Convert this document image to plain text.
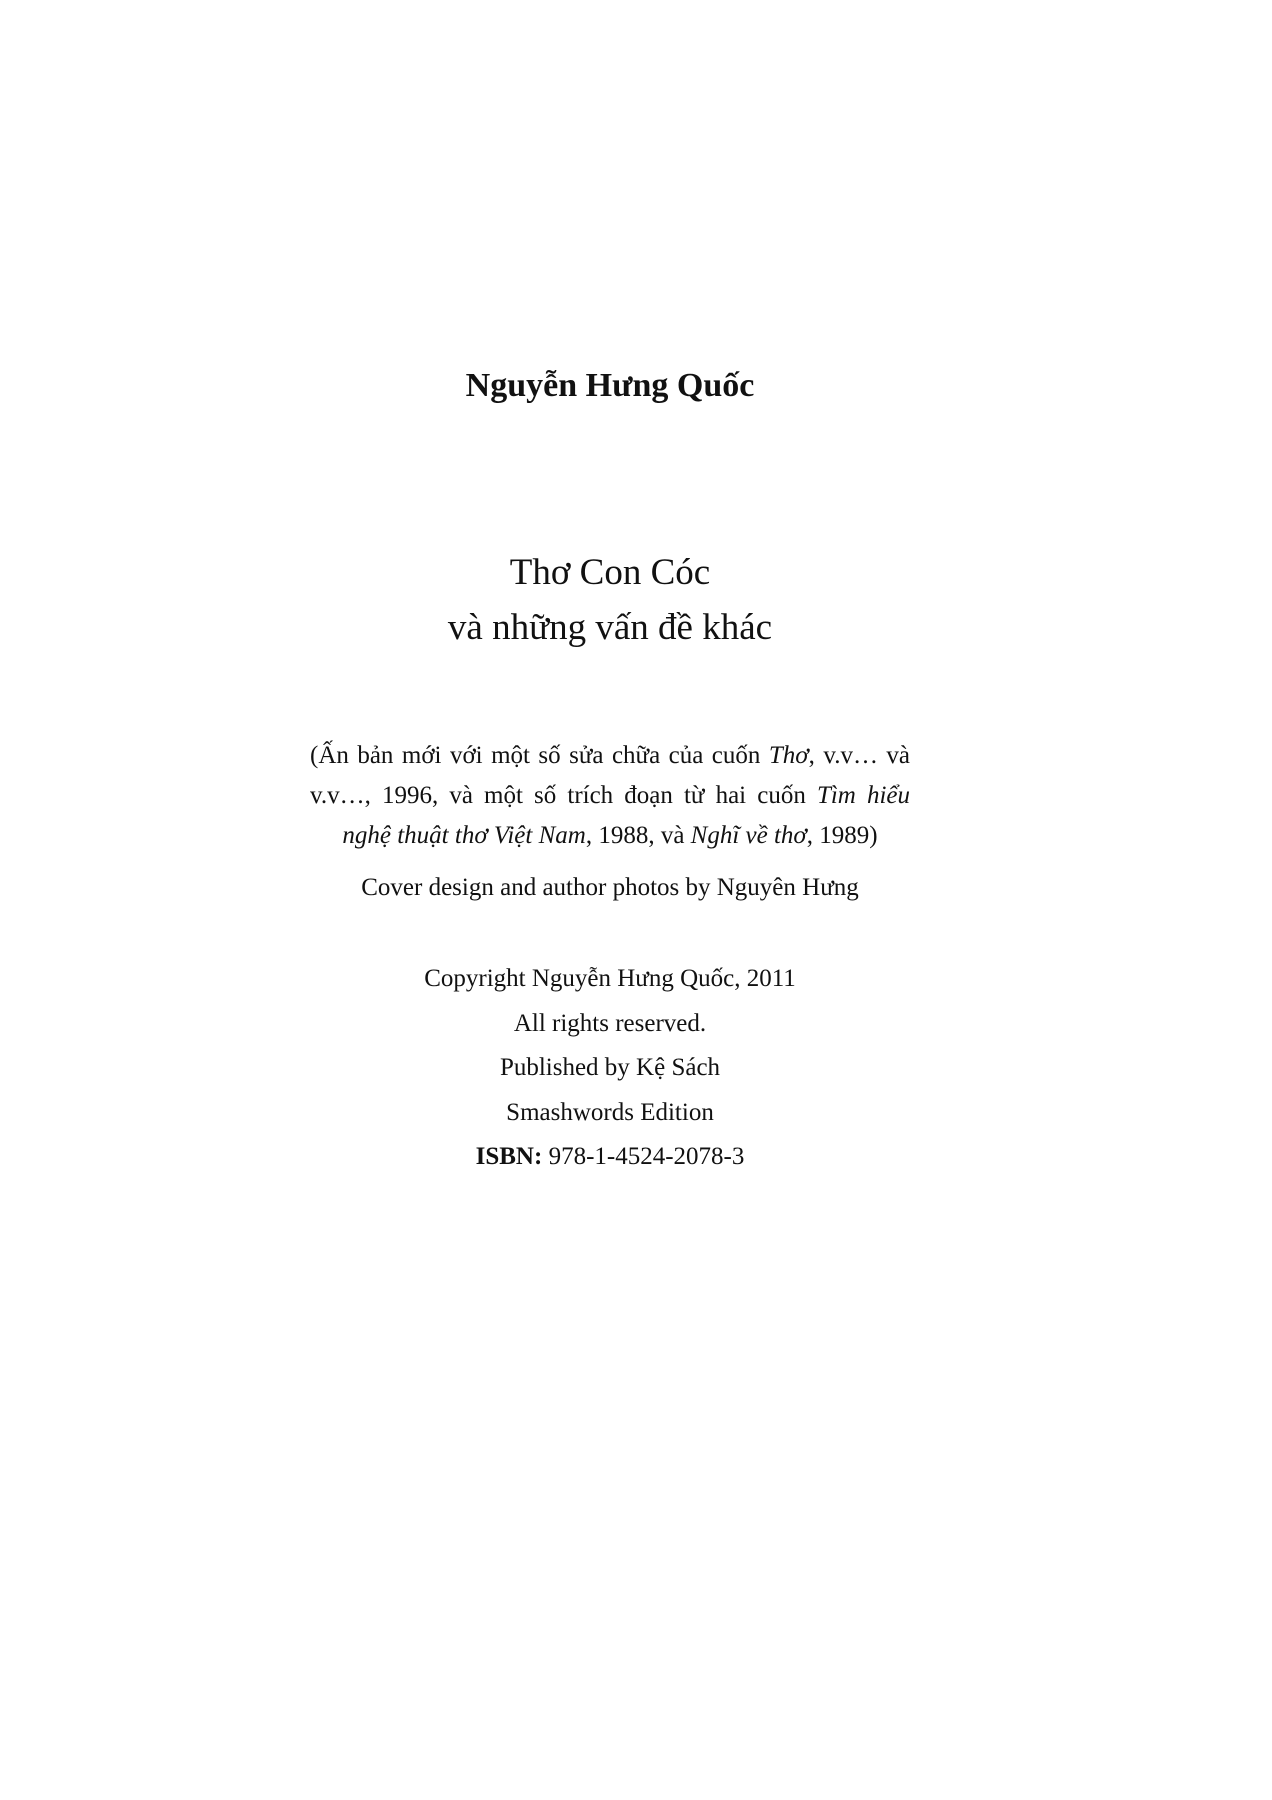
Nguyễn Hưng Quốc
Thơ Con Cóc
và những vấn đề khác
(Ấn bản mới với một số sửa chữa của cuốn Thơ, v.v… và
v.v…, 1996, và một số trích đoạn từ hai cuốn Tìm hiểu
nghệ thuật thơ Việt Nam, 1988, và Nghĩ về thơ, 1989)
Cover design and author photos by Nguyên Hưng
Copyright Nguyễn Hưng Quốc, 2011
All rights reserved.
Published by Kệ Sách
Smashwords Edition
ISBN: 978-1-4524-2078-3
